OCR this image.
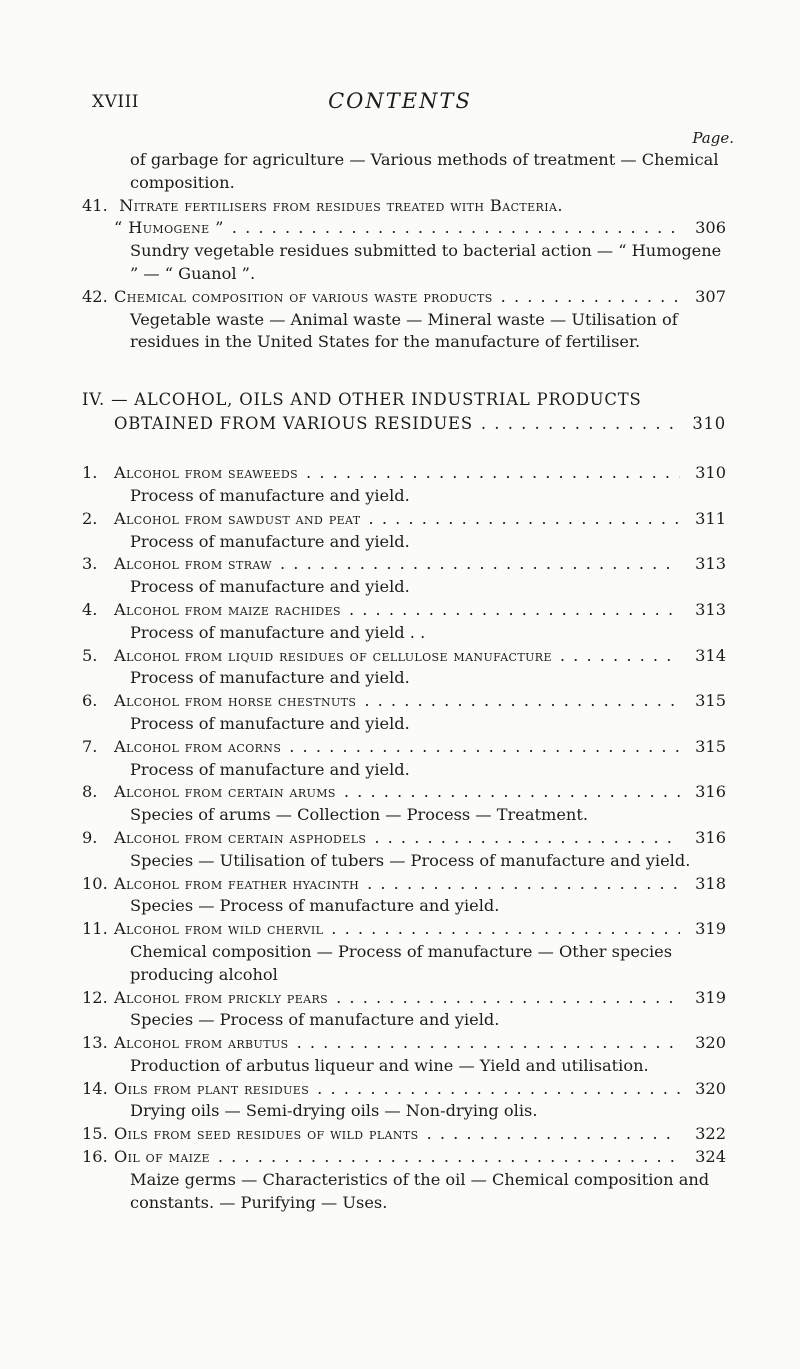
XVIII	CONTENTS
Page.
of garbage for agriculture — Various methods of treatment — Chemical composition.
41. Nitrate fertilisers from residues treated with Bacteria.
“ Humogene ” . . .	306
Sundry vegetable residues submitted to bacterial action — “ Humogene ” — “ Guanol ”.
42. Chemical composition of various waste products . . .	307
Vegetable waste — Animal waste — Mineral waste — Utilisation of residues in the United States for the manufacture of fertiliser.
IV. — ALCOHOL, OILS AND OTHER INDUSTRIAL PRODUCTS
OBTAINED FROM VARIOUS RESIDUES . . .	310
1.	Alcohol from seaweeds . . .	310
Process of manufacture and yield.
2.	Alcohol from sawdust and peat . . .	311
Process of manufacture and yield.
3.	Alcohol from straw . . .	313
Process of manufacture and yield.
4.	Alcohol from maize rachides . . .	313
Process of manufacture and yield . .
5.	Alcohol from liquid residues of cellulose manufacture . . .	314
Process of manufacture and yield.
6.	Alcohol from horse chestnuts . . .	315
Process of manufacture and yield.
7.	Alcohol from acorns . . .	315
Process of manufacture and yield.
8.	Alcohol from certain arums . . .	316
Species of arums — Collection — Process — Treatment.
9.	Alcohol from certain asphodels . . .	316
Species — Utilisation of tubers — Process of manufacture and yield.
10. Alcohol from feather hyacinth . . .	318
Species — Process of manufacture and yield.
11. Alcohol from wild chervil . . .	319
Chemical composition — Process of manufacture — Other species producing alcohol
12. Alcohol from prickly pears . . .	319
Species — Process of manufacture and yield.
13. Alcohol from arbutus . . .	320
Production of arbutus liqueur and wine — Yield and utilisation.
14. Oils from plant residues . . .	320
Drying oils — Semi-drying oils — Non-drying olis.
15. Oils from seed residues of wild plants . . .	322
16. Oil of maize . . .	324
Maize germs — Characteristics of the oil — Chemical composition and constants. — Purifying — Uses.
